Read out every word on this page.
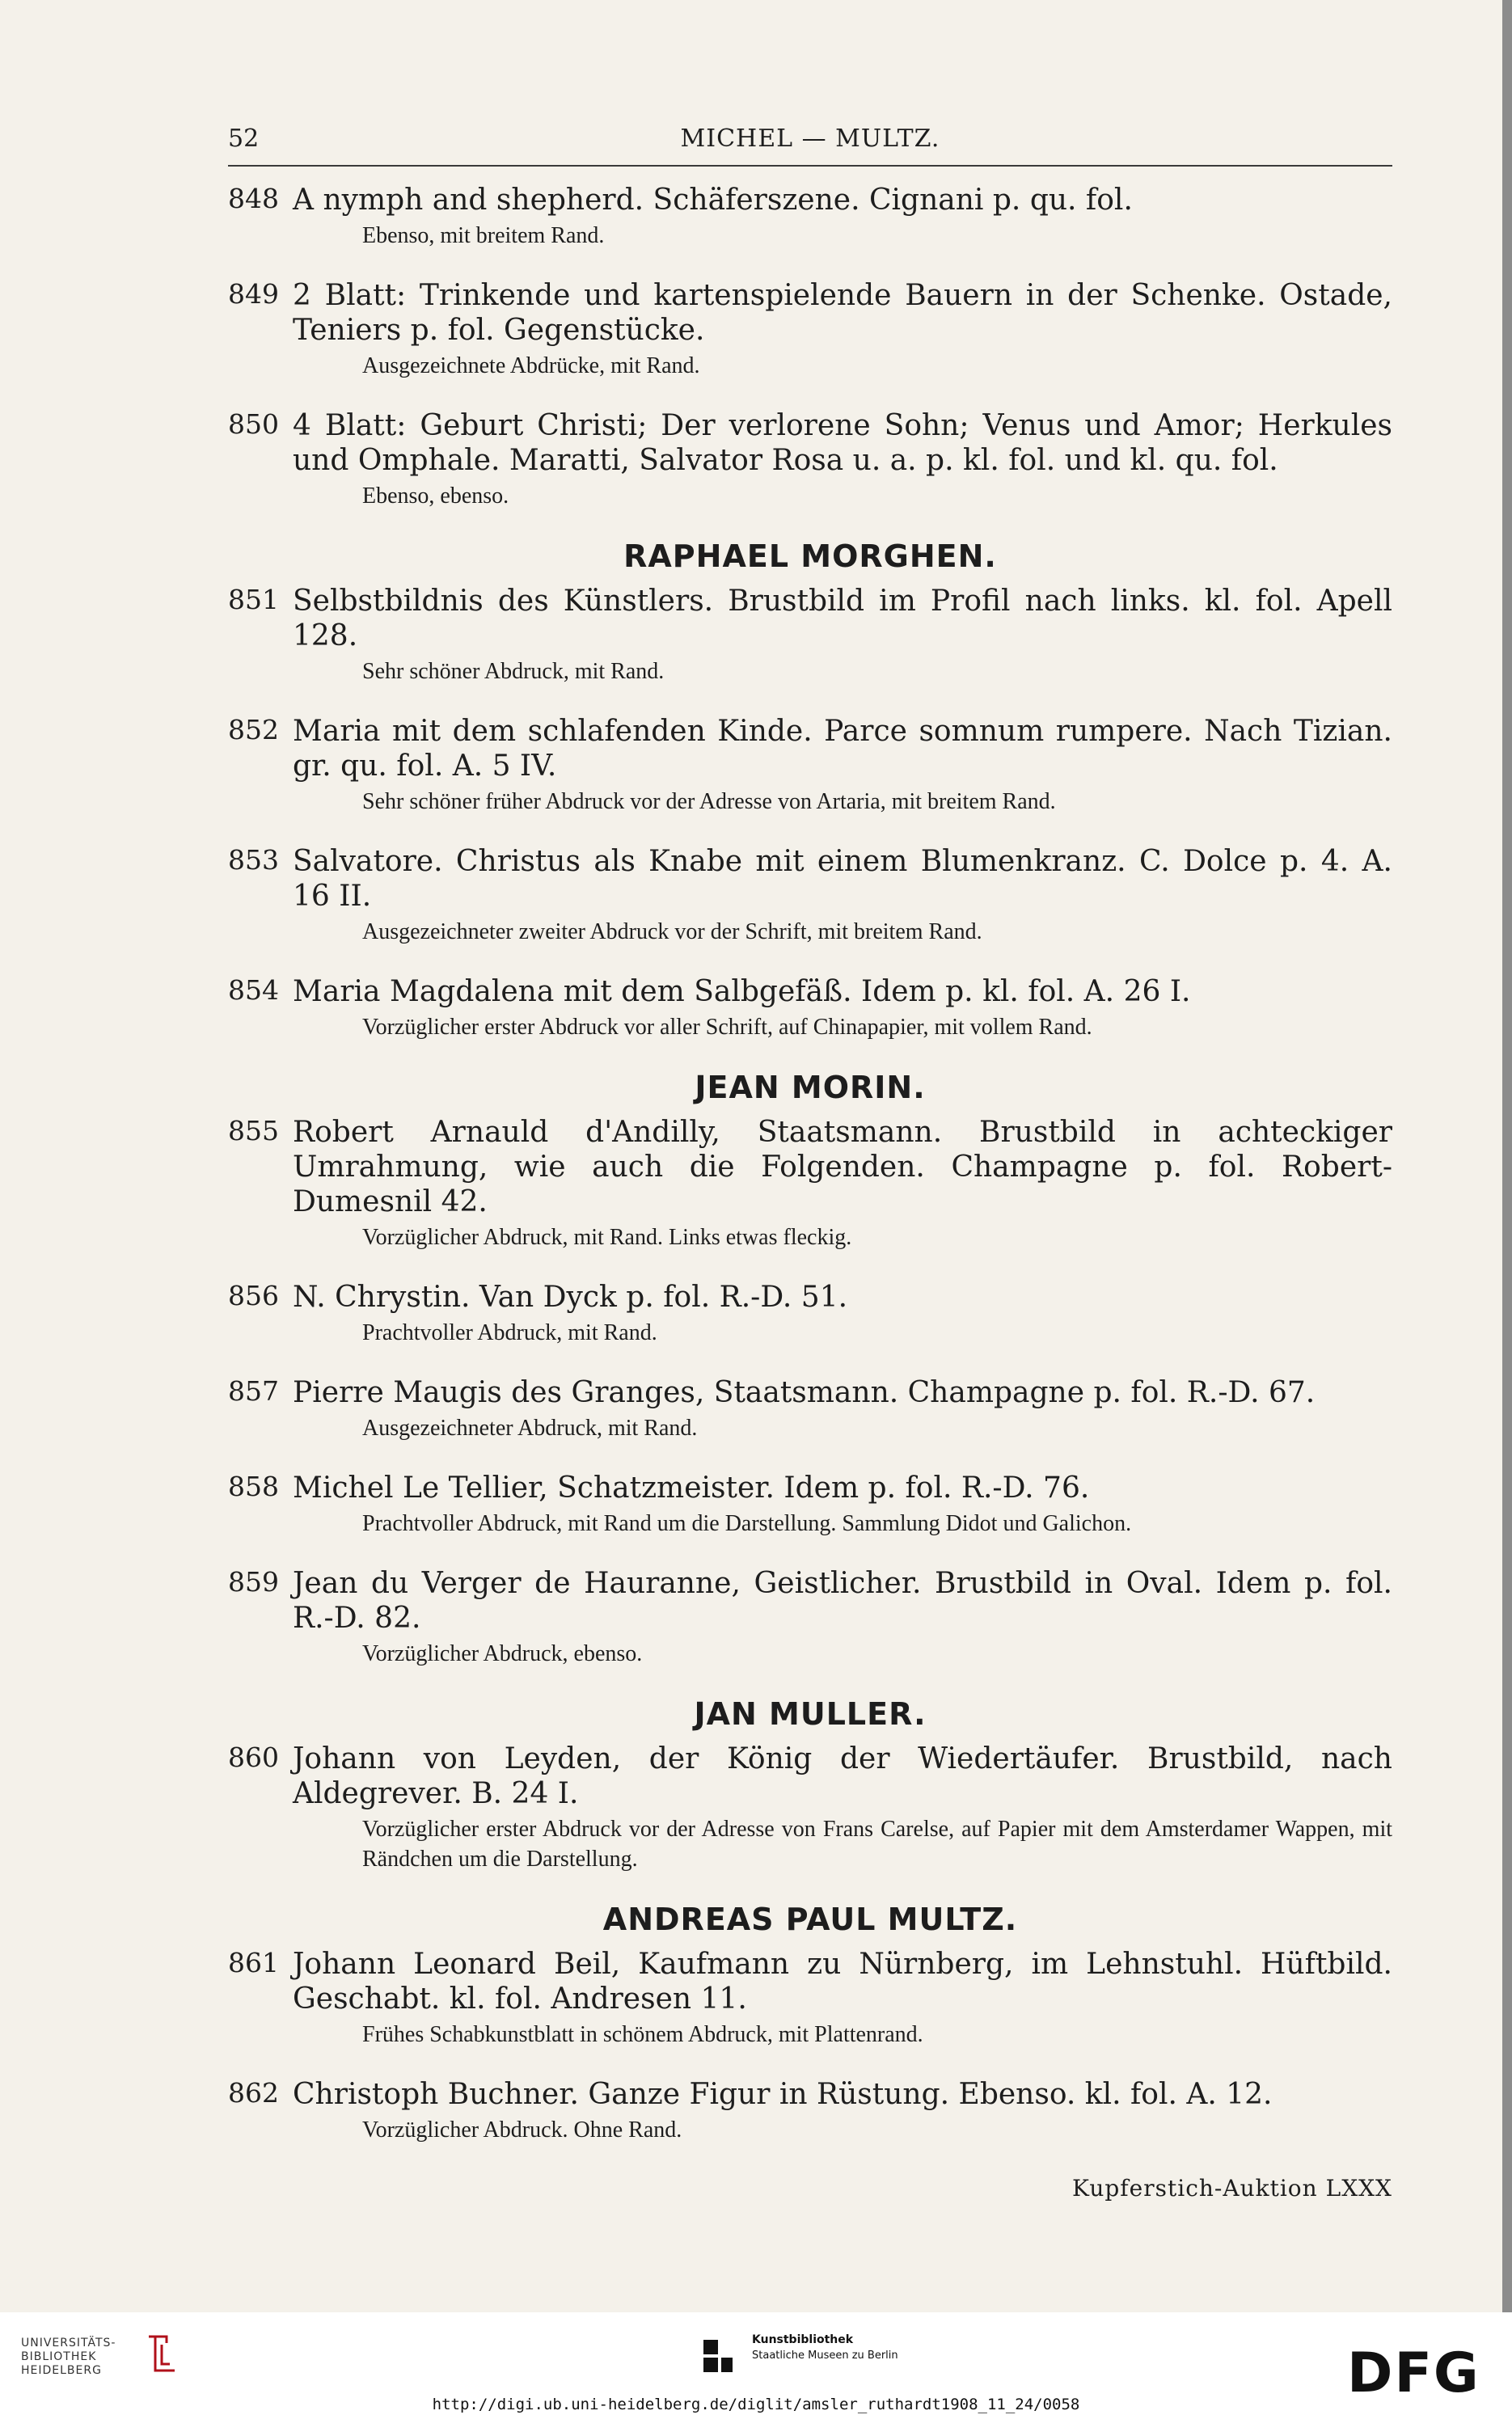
52	MICHEL — MULTZ.
848 A nymph and shepherd. Schäferszene. Cignani p. qu. fol.
Ebenso, mit breitem Rand.
849 2 Blatt: Trinkende und kartenspielende Bauern in der Schenke. Ostade, Teniers p. fol. Gegenstücke.
Ausgezeichnete Abdrücke, mit Rand.
850 4 Blatt: Geburt Christi; Der verlorene Sohn; Venus und Amor; Herkules und Omphale. Maratti, Salvator Rosa u. a. p. kl. fol. und kl. qu. fol.
Ebenso, ebenso.
RAPHAEL MORGHEN.
851 Selbstbildnis des Künstlers. Brustbild im Profil nach links. kl. fol. Apell 128.
Sehr schöner Abdruck, mit Rand.
852 Maria mit dem schlafenden Kinde. Parce somnum rumpere. Nach Tizian. gr. qu. fol. A. 5 IV.
Sehr schöner früher Abdruck vor der Adresse von Artaria, mit breitem Rand.
853 Salvatore. Christus als Knabe mit einem Blumenkranz. C. Dolce p. 4. A. 16 II.
Ausgezeichneter zweiter Abdruck vor der Schrift, mit breitem Rand.
854 Maria Magdalena mit dem Salbgefäß. Idem p. kl. fol. A. 26 I.
Vorzüglicher erster Abdruck vor aller Schrift, auf Chinapapier, mit vollem Rand.
JEAN MORIN.
855 Robert Arnauld d'Andilly, Staatsmann. Brustbild in achteckiger Umrahmung, wie auch die Folgenden. Champagne p. fol. Robert-Dumesnil 42.
Vorzüglicher Abdruck, mit Rand. Links etwas fleckig.
856 N. Chrystin. Van Dyck p. fol. R.-D. 51.
Prachtvoller Abdruck, mit Rand.
857 Pierre Maugis des Granges, Staatsmann. Champagne p. fol. R.-D. 67.
Ausgezeichneter Abdruck, mit Rand.
858 Michel Le Tellier, Schatzmeister. Idem p. fol. R.-D. 76.
Prachtvoller Abdruck, mit Rand um die Darstellung. Sammlung Didot und Galichon.
859 Jean du Verger de Hauranne, Geistlicher. Brustbild in Oval. Idem p. fol. R.-D. 82.
Vorzüglicher Abdruck, ebenso.
JAN MULLER.
860 Johann von Leyden, der König der Wiedertäufer. Brustbild, nach Aldegrever. B. 24 I.
Vorzüglicher erster Abdruck vor der Adresse von Frans Carelse, auf Papier mit dem Amsterdamer Wappen, mit Rändchen um die Darstellung.
ANDREAS PAUL MULTZ.
861 Johann Leonard Beil, Kaufmann zu Nürnberg, im Lehnstuhl. Hüftbild. Geschabt. kl. fol. Andresen 11.
Frühes Schabkunstblatt in schönem Abdruck, mit Plattenrand.
862 Christoph Buchner. Ganze Figur in Rüstung. Ebenso. kl. fol. A. 12.
Vorzüglicher Abdruck. Ohne Rand.
Kupferstich-Auktion LXXX
UNIVERSITÄTS-
BIBLIOTHEK
HEIDELBERG
Kunstbibliothek
Staatliche Museen zu Berlin	DFG
http://digi.ub.uni-heidelberg.de/diglit/amsler_ruthardt1908_11_24/0058
